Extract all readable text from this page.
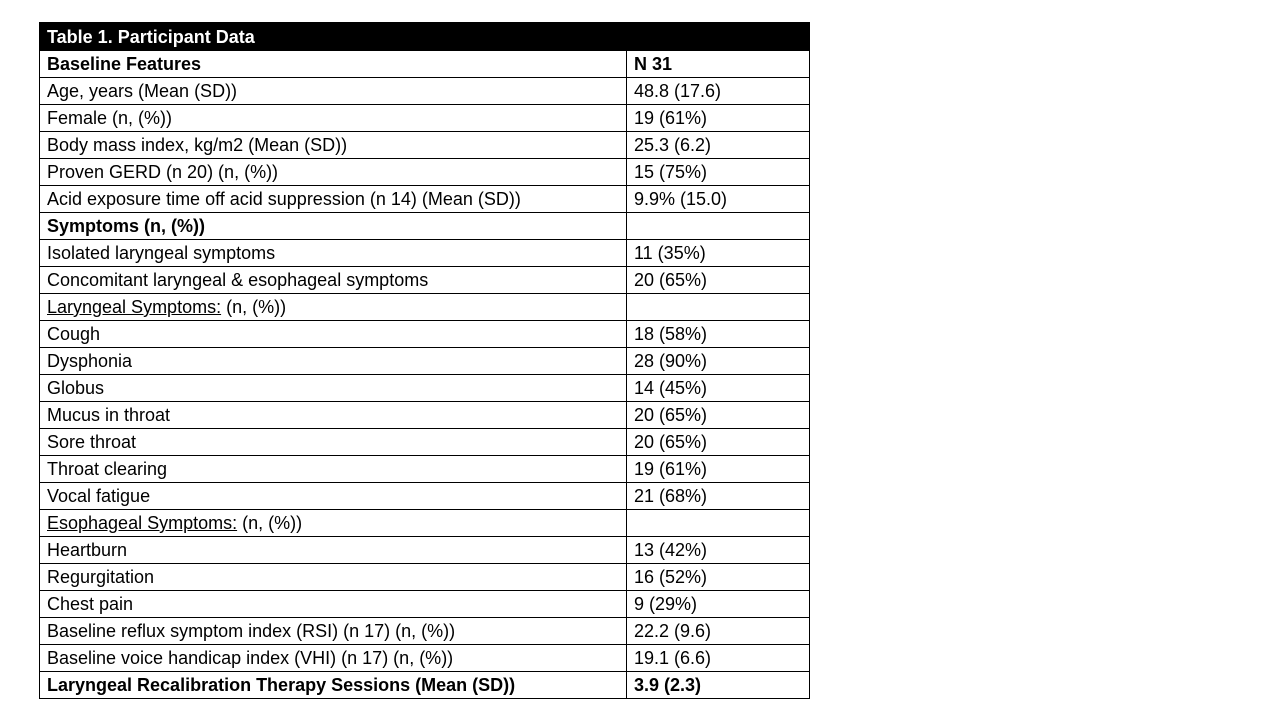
Table 1. Participant Data	
Baseline Features	N 31
Age, years (Mean (SD))	48.8 (17.6)
Female (n, (%))	19 (61%)
Body mass index, kg/m2 (Mean (SD))	25.3 (6.2)
Proven GERD (n 20) (n, (%))	15 (75%)
Acid exposure time off acid suppression (n 14) (Mean (SD))	9.9% (15.0)
Symptoms (n, (%))	
Isolated laryngeal symptoms	11 (35%)
Concomitant laryngeal & esophageal symptoms	20 (65%)
Laryngeal Symptoms: (n, (%))	
Cough	18 (58%)
Dysphonia	28 (90%)
Globus	14 (45%)
Mucus in throat	20 (65%)
Sore throat	20 (65%)
Throat clearing	19 (61%)
Vocal fatigue	21 (68%)
Esophageal Symptoms: (n, (%))	
Heartburn	13 (42%)
Regurgitation	16 (52%)
Chest pain	9 (29%)
Baseline reflux symptom index (RSI) (n 17) (n, (%))	22.2 (9.6)
Baseline voice handicap index (VHI) (n 17) (n, (%))	19.1 (6.6)
Laryngeal Recalibration Therapy Sessions (Mean (SD))	3.9 (2.3)
